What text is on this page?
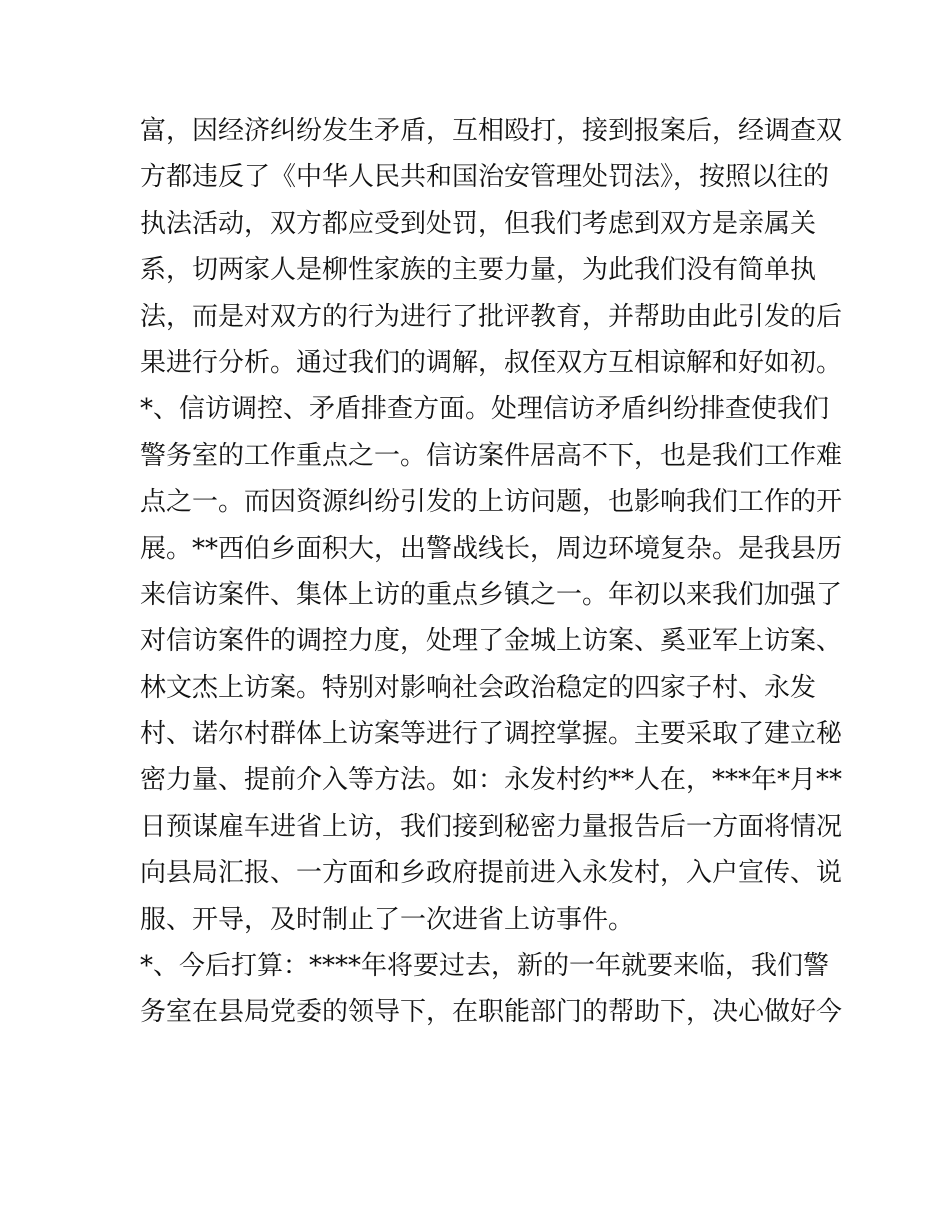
富，因经济纠纷发生矛盾，互相殴打，接到报案后，经调查双
方都违反了《中华人民共和国治安管理处罚法》，按照以往的
执法活动，双方都应受到处罚，但我们考虑到双方是亲属关
系，切两家人是柳性家族的主要力量，为此我们没有简单执
法，而是对双方的行为进行了批评教育，并帮助由此引发的后
果进行分析。通过我们的调解，叔侄双方互相谅解和好如初。
*、信访调控、矛盾排查方面。处理信访矛盾纠纷排查使我们
警务室的工作重点之一。信访案件居高不下，也是我们工作难
点之一。而因资源纠纷引发的上访问题，也影响我们工作的开
展。**西伯乡面积大，出警战线长，周边环境复杂。是我县历
来信访案件、集体上访的重点乡镇之一。年初以来我们加强了
对信访案件的调控力度，处理了金城上访案、奚亚军上访案、
林文杰上访案。特别对影响社会政治稳定的四家子村、永发
村、诺尔村群体上访案等进行了调控掌握。主要采取了建立秘
密力量、提前介入等方法。如：永发村约**人在，***年*月**
日预谋雇车进省上访，我们接到秘密力量报告后一方面将情况
向县局汇报、一方面和乡政府提前进入永发村，入户宣传、说
服、开导，及时制止了一次进省上访事件。
*、今后打算：****年将要过去，新的一年就要来临，我们警
务室在县局党委的领导下，在职能部门的帮助下，决心做好今
